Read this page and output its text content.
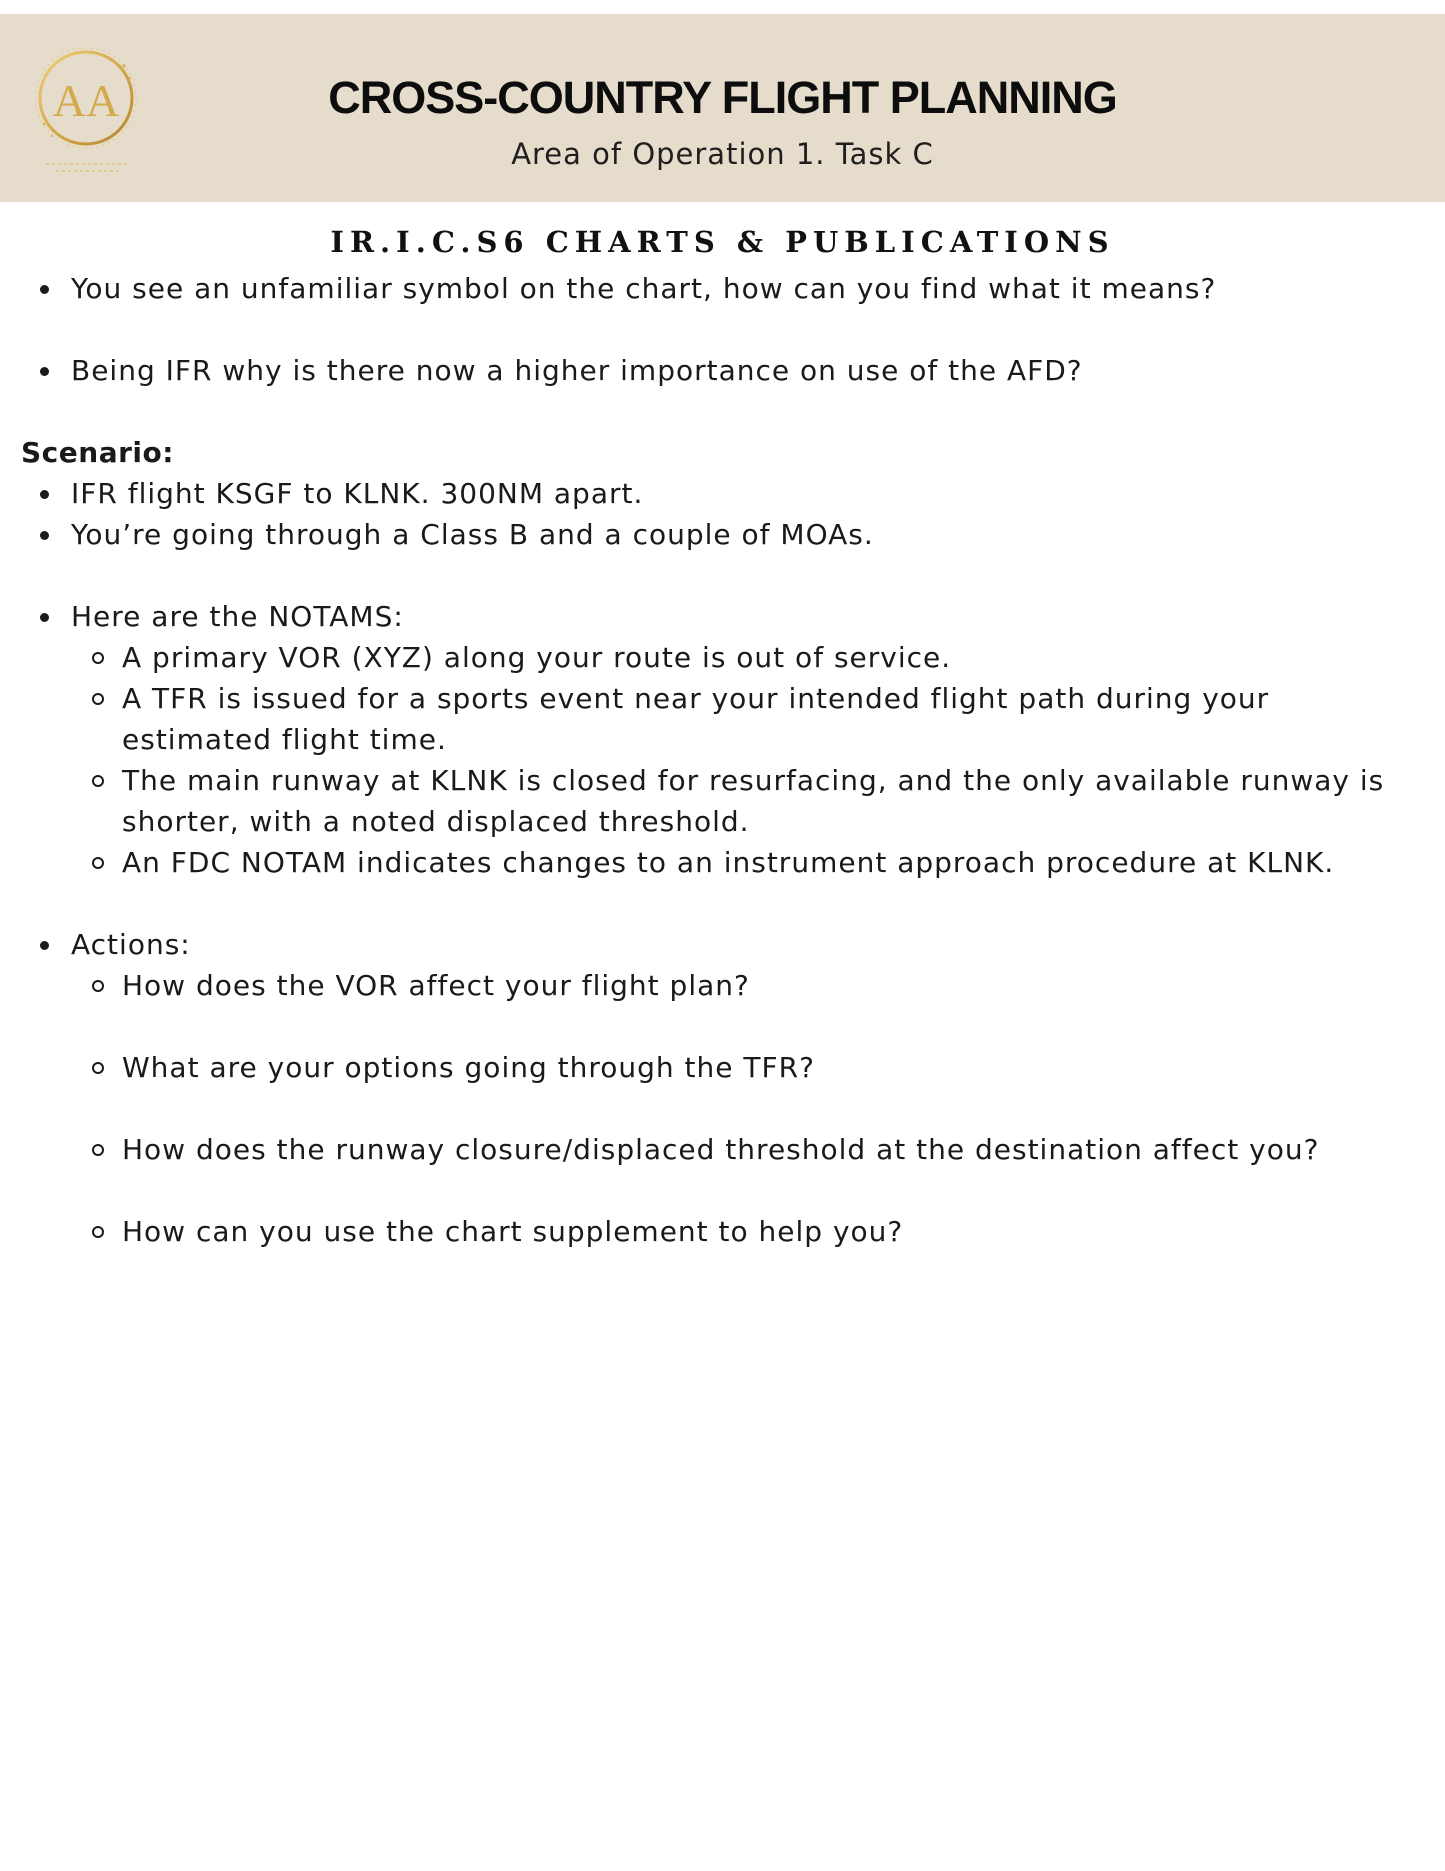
AA	CROSS-COUNTRY FLIGHT PLANNING
Area of Operation 1. Task C
IR.I.C.S6 CHARTS & PUBLICATIONS
You see an unfamiliar symbol on the chart, how can you find what it means?
Being IFR why is there now a higher importance on use of the AFD?
Scenario:
IFR flight KSGF to KLNK. 300NM apart.
You’re going through a Class B and a couple of MOAs.
Here are the NOTAMS:
A primary VOR (XYZ) along your route is out of service.
A TFR is issued for a sports event near your intended flight path during your estimated flight time.
The main runway at KLNK is closed for resurfacing, and the only available runway is shorter, with a noted displaced threshold.
An FDC NOTAM indicates changes to an instrument approach procedure at KLNK.
Actions:
How does the VOR affect your flight plan?
What are your options going through the TFR?
How does the runway closure/displaced threshold at the destination affect you?
How can you use the chart supplement to help you?
